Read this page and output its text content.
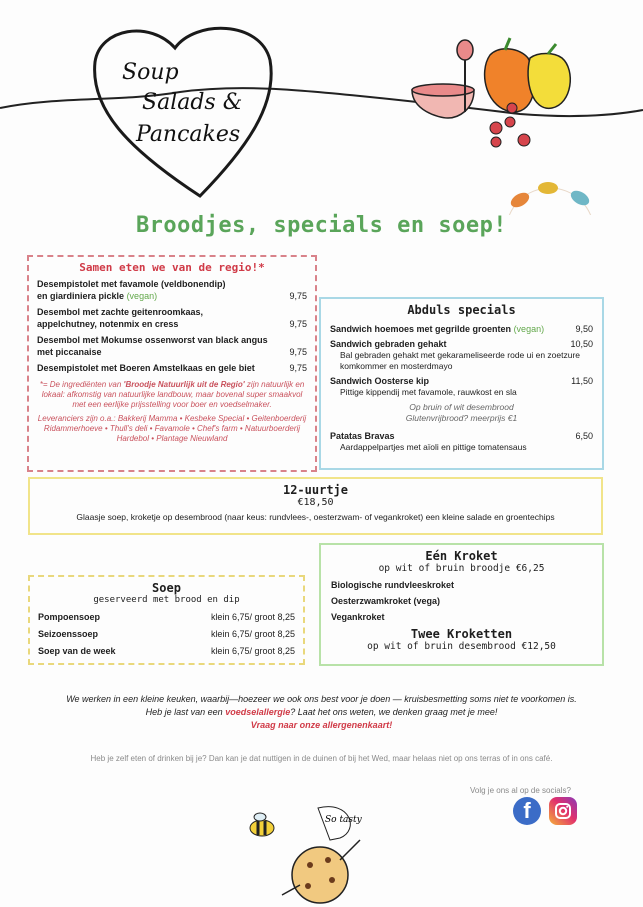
Soup
Salads &
Pancakes
Broodjes, specials en soep!
Samen eten we van de regio!*
Desempistolet met favamole (veldbonendip)
en giardiniera pickle (vegan)	9,75
Desembol met zachte geitenroomkaas,
appelchutney, notenmix en cress	9,75
Desembol met Mokumse ossenworst van black angus
met piccanaise	9,75
Desempistolet met Boeren Amstelkaas en gele biet	9,75
*= De ingrediënten van 'Broodje Natuurlijk uit de Regio' zijn natuurlijk en lokaal: afkomstig van natuurlijke landbouw, maar bovenal super smaakvol met een eerlijke prijsstelling voor boer en voedselmaker.
Leveranciers zijn o.a.: Bakkerij Mamma • Kesbeke Special • Geitenboerderij Ridammerhoeve • Thull's deli • Favamole • Chef's farm • Natuurboerderij Hardebol • Plantage Nieuwland
Abduls specials
Sandwich hoemoes met gegrilde groenten (vegan)	9,50
Sandwich gebraden gehakt	10,50
Bal gebraden gehakt met gekarameliseerde rode ui en zoetzure komkommer en mosterdmayo
Sandwich Oosterse kip	11,50
Pittige kippendij met favamole, rauwkost en sla
Op bruin of wit desembrood
Glutenvrijbrood? meerprijs €1
Patatas Bravas	6,50
Aardappelpartjes met aïoli en pittige tomatensaus
12-uurtje
€18,50
Glaasje soep, kroketje op desembrood (naar keus: rundvlees-, oesterzwam- of vegankroket) een kleine salade en groentechips
Soep
geserveerd met brood en dip
Pompoensoep	klein 6,75/ groot 8,25
Seizoenssoep	klein 6,75/ groot 8,25
Soep van de week	klein 6,75/ groot 8,25
Eén Kroket
op wit of bruin broodje €6,25
Biologische rundvleeskroket
Oesterzwamkroket (vega)
Vegankroket
Twee Kroketten
op wit of bruin desembrood €12,50
We werken in een kleine keuken, waarbij—hoezeer we ook ons best voor je doen — kruisbesmetting soms niet te voorkomen is.
Heb je last van een voedselallergie? Laat het ons weten, we denken graag met je mee!
Vraag naar onze allergenenkaart!
Heb je zelf eten of drinken bij je? Dan kan je dat nuttigen in de duinen of bij het Wed, maar helaas niet op ons terras of in ons café.
Volg je ons al op de socials?
f
So tasty
